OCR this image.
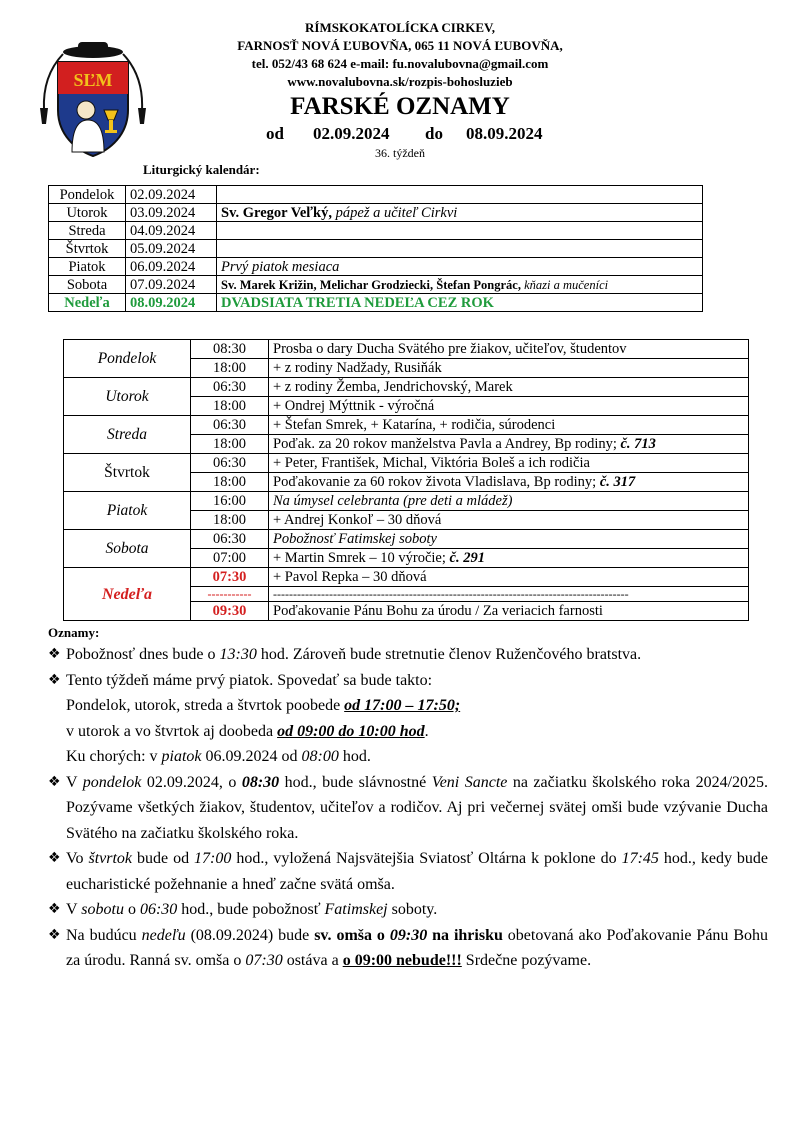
SĽM
RÍMSKOKATOLÍCKA CIRKEV,
FARNOSŤ NOVÁ ĽUBOVŇA, 065 11 NOVÁ ĽUBOVŇA,
tel. 052/43 68 624 e-mail: fu.novalubovna@gmail.com
www.novalubovna.sk/rozpis-bohosluzieb
FARSKÉ OZNAMY
od 02.09.2024 do 08.09.2024
36. týždeň
Liturgický kalendár:
Pondelok	02.09.2024	
Utorok	03.09.2024	Sv. Gregor Veľký, pápež a učiteľ Cirkvi
Streda	04.09.2024	
Štvrtok	05.09.2024	
Piatok	06.09.2024	Prvý piatok mesiaca
Sobota	07.09.2024	Sv. Marek Križin, Melichar Grodziecki, Štefan Pongrác, kňazi a mučeníci
Nedeľa	08.09.2024	DVADSIATA TRETIA NEDEĽA CEZ ROK
Pondelok	08:30	Prosba o dary Ducha Svätého pre žiakov, učiteľov, študentov
	18:00	+ z rodiny Nadžady, Rusiňák
Utorok	06:30	+ z rodiny Žemba, Jendrichovský, Marek
	18:00	+ Ondrej Mýttnik - výročná
Streda	06:30	+ Štefan Smrek, + Katarína, + rodičia, súrodenci
	18:00	Poďak. za 20 rokov manželstva Pavla a Andrey, Bp rodiny; č. 713
Štvrtok	06:30	+ Peter, František, Michal, Viktória Boleš a ich rodičia
	18:00	Poďakovanie za 60 rokov života Vladislava, Bp rodiny; č. 317
Piatok	16:00	Na úmysel celebranta (pre deti a mládež)
	18:00	+ Andrej Konkoľ – 30 dňová
Sobota	06:30	Pobožnosť Fatimskej soboty
	07:00	+ Martin Smrek – 10 výročie; č. 291
Nedeľa	07:30	+ Pavol Repka – 30 dňová
	-----------	-----------------------------------------------------------------------------------------
	09:30	Poďakovanie Pánu Bohu za úrodu / Za veriacich farnosti
Oznamy:

❖ Pobožnosť dnes bude o 13:30 hod. Zároveň bude stretnutie členov Ruženčového bratstva.

❖ Tento týždeň máme prvý piatok. Spovedať sa bude takto:

Pondelok, utorok, streda a štvrtok poobede od 17:00 – 17:50;

v utorok a vo štvrtok aj doobeda od 09:00 do 10:00 hod.

Ku chorých: v piatok 06.09.2024 od 08:00 hod.

❖ V pondelok 02.09.2024, o 08:30 hod., bude slávnostné Veni Sancte na začiatku školského roka 2024/2025. Pozývame všetkých žiakov, študentov, učiteľov a rodičov. Aj pri večernej svätej omši bude vzývanie Ducha Svätého na začiatku školského roka.

❖ Vo štvrtok bude od 17:00 hod., vyložená Najsvätejšia Sviatosť Oltárna k poklone do 17:45 hod., kedy bude eucharistické požehnanie a hneď začne svätá omša.

❖ V sobotu o 06:30 hod., bude pobožnosť Fatimskej soboty.

❖ Na budúcu nedeľu (08.09.2024) bude sv. omša o 09:30 na ihrisku obetovaná ako Poďakovanie Pánu Bohu za úrodu. Ranná sv. omša o 07:30 ostáva a o 09:00 nebude!!! Srdečne pozývame.
